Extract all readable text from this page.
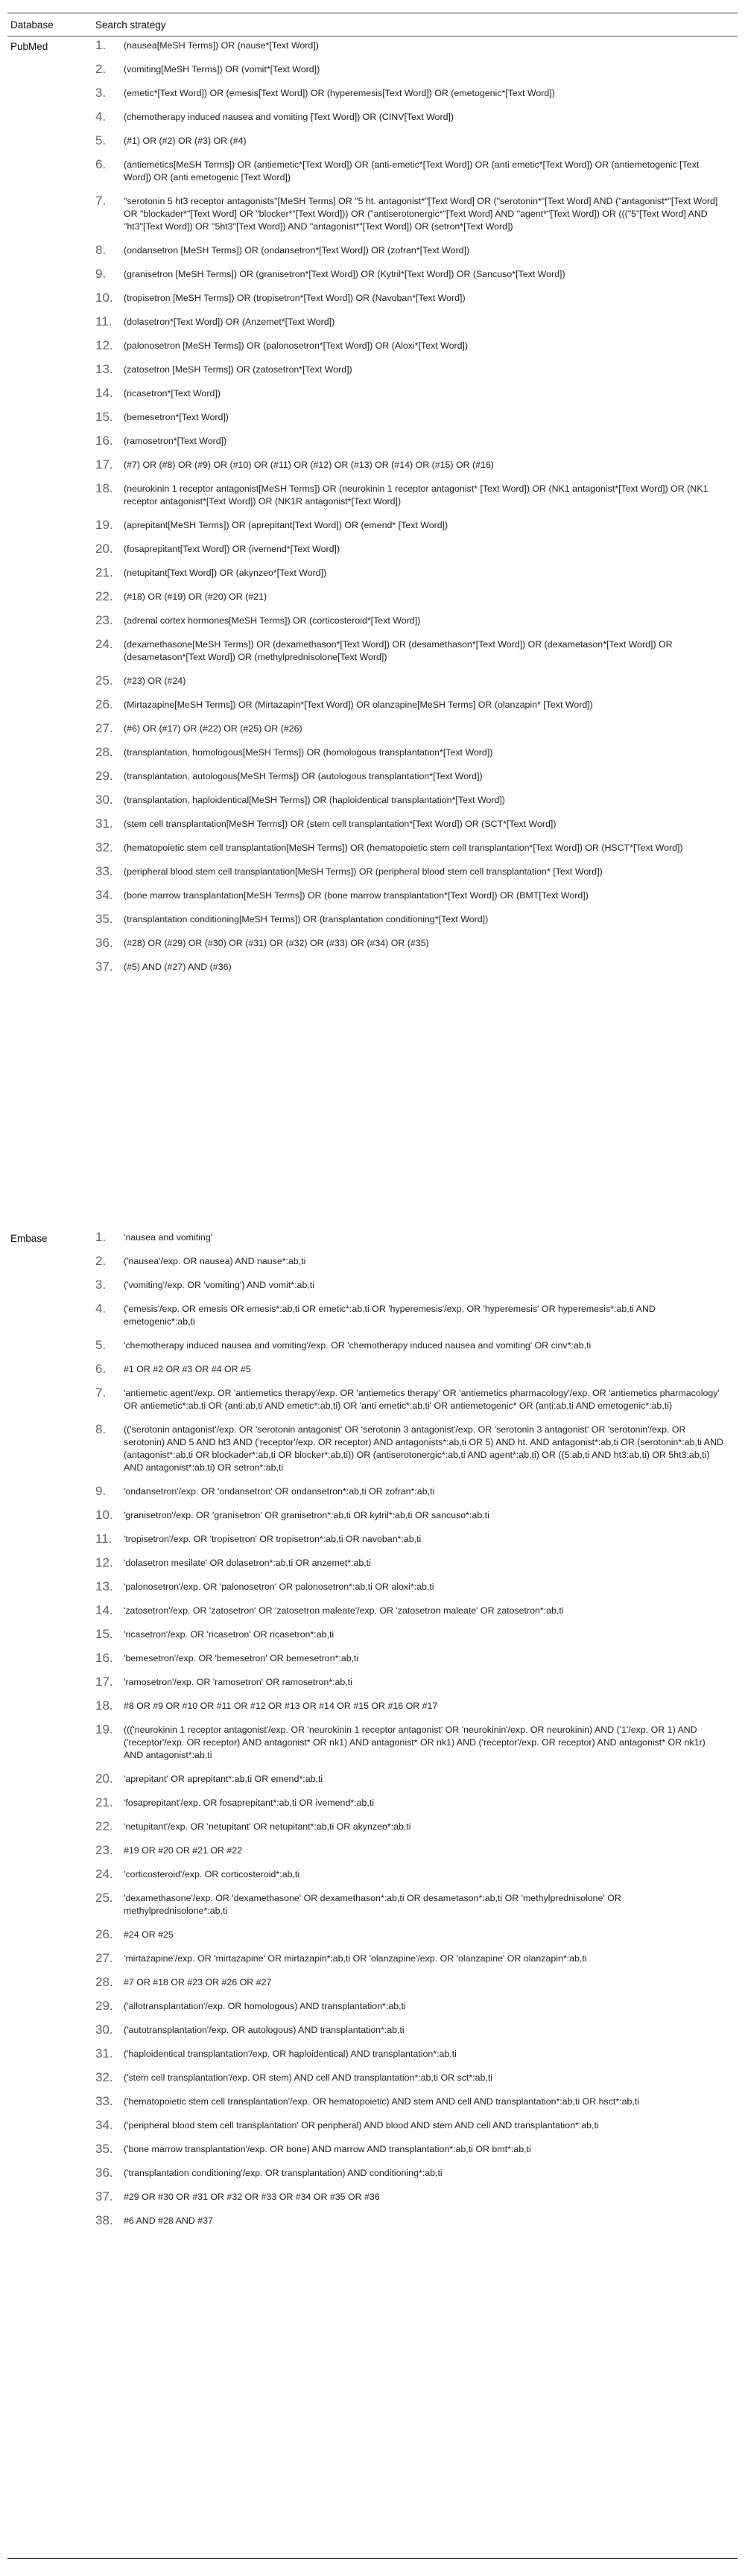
Database	Search strategy
PubMed	1.	(nausea[MeSH Terms]) OR (nause*[Text Word])
2.	(vomiting[MeSH Terms]) OR (vomit*[Text Word])
3.	(emetic*[Text Word]) OR (emesis[Text Word]) OR (hyperemesis[Text Word]) OR (emetogenic*[Text Word])
4.	(chemotherapy induced nausea and vomiting [Text Word]) OR (CINV[Text Word])
5.	(#1) OR (#2) OR (#3) OR (#4)
6.	(antiemetics[MeSH Terms]) OR (antiemetic*[Text Word]) OR (anti-emetic*[Text Word]) OR (anti emetic*[Text Word]) OR (antiemetogenic [Text Word]) OR (anti emetogenic [Text Word])
7.	"serotonin 5 ht3 receptor antagonists"[MeSH Terms] OR "5 ht. antagonist*"[Text Word] OR ("serotonin*"[Text Word] AND ("antagonist*"[Text Word] OR "blockader*"[Text Word] OR "blocker*"[Text Word])) OR ("antiserotonergic*"[Text Word] AND "agent*"[Text Word]) OR ((("5"[Text Word] AND "ht3"[Text Word]) OR "5ht3"[Text Word]) AND "antagonist*"[Text Word]) OR (setron*[Text Word])
8.	(ondansetron [MeSH Terms]) OR (ondansetron*[Text Word]) OR (zofran*[Text Word])
9.	(granisetron [MeSH Terms]) OR (granisetron*[Text Word]) OR (Kytril*[Text Word]) OR (Sancuso*[Text Word])
10.	(tropisetron [MeSH Terms]) OR (tropisetron*[Text Word]) OR (Navoban*[Text Word])
11.	(dolasetron*[Text Word]) OR (Anzemet*[Text Word])
12.	(palonosetron [MeSH Terms]) OR (palonosetron*[Text Word]) OR (Aloxi*[Text Word])
13.	(zatosetron [MeSH Terms]) OR (zatosetron*[Text Word])
14.	(ricasetron*[Text Word])
15.	(bemesetron*[Text Word])
16.	(ramosetron*[Text Word])
17.	(#7) OR (#8) OR (#9) OR (#10) OR (#11) OR (#12) OR (#13) OR (#14) OR (#15) OR (#16)
18.	(neurokinin 1 receptor antagonist[MeSH Terms]) OR (neurokinin 1 receptor antagonist* [Text Word]) OR (NK1 antagonist*[Text Word]) OR (NK1 receptor antagonist*[Text Word]) OR (NK1R antagonist*[Text Word])
19.	(aprepitant[MeSH Terms]) OR (aprepitant[Text Word]) OR (emend* [Text Word])
20.	(fosaprepitant[Text Word]) OR (ivemend*[Text Word])
21.	(netupitant[Text Word]) OR (akynzeo*[Text Word])
22.	(#18) OR (#19) OR (#20) OR (#21)
23.	(adrenal cortex hormones[MeSH Terms]) OR (corticosteroid*[Text Word])
24.	(dexamethasone[MeSH Terms]) OR (dexamethason*[Text Word]) OR (desamethason*[Text Word]) OR (dexametason*[Text Word]) OR (desametason*[Text Word]) OR (methylprednisolone[Text Word])
25.	(#23) OR (#24)
26.	(Mirtazapine[MeSH Terms]) OR (Mirtazapin*[Text Word]) OR olanzapine[MeSH Terms] OR (olanzapin* [Text Word])
27.	(#6) OR (#17) OR (#22) OR (#25) OR (#26)
28.	(transplantation, homologous[MeSH Terms]) OR (homologous transplantation*[Text Word])
29.	(transplantation, autologous[MeSH Terms]) OR (autologous transplantation*[Text Word])
30.	(transplantation, haploidentical[MeSH Terms]) OR (haploidentical transplantation*[Text Word])
31.	(stem cell transplantation[MeSH Terms]) OR (stem cell transplantation*[Text Word]) OR (SCT*[Text Word])
32.	(hematopoietic stem cell transplantation[MeSH Terms]) OR (hematopoietic stem cell transplantation*[Text Word]) OR (HSCT*[Text Word])
33.	(peripheral blood stem cell transplantation[MeSH Terms]) OR (peripheral blood stem cell transplantation* [Text Word])
34.	(bone marrow transplantation[MeSH Terms]) OR (bone marrow transplantation*[Text Word]) OR (BMT[Text Word])
35.	(transplantation conditioning[MeSH Terms]) OR (transplantation conditioning*[Text Word])
36.	(#28) OR (#29) OR (#30) OR (#31) OR (#32) OR (#33) OR (#34) OR (#35)
37.	(#5) AND (#27) AND (#36)
Embase	1.	'nausea and vomiting'
2.	('nausea'/exp. OR nausea) AND nause*:ab,ti
3.	('vomiting'/exp. OR 'vomiting') AND vomit*:ab,ti
4.	('emesis'/exp. OR emesis OR emesis*:ab,ti OR emetic*:ab,ti OR 'hyperemesis'/exp. OR 'hyperemesis' OR hyperemesis*:ab,ti AND emetogenic*:ab,ti
5.	'chemotherapy induced nausea and vomiting'/exp. OR 'chemotherapy induced nausea and vomiting' OR cinv*:ab,ti
6.	#1 OR #2 OR #3 OR #4 OR #5
7.	'antiemetic agent'/exp. OR 'antiemetics therapy'/exp. OR 'antiemetics therapy' OR 'antiemetics pharmacology'/exp. OR 'antiemetics pharmacology' OR antiemetic*:ab,ti OR (anti:ab,ti AND emetic*:ab,ti) OR 'anti emetic*:ab,ti' OR antiemetogenic* OR (anti:ab,ti AND emetogenic*:ab,ti)
8.	(('serotonin antagonist'/exp. OR 'serotonin antagonist' OR 'serotonin 3 antagonist'/exp. OR 'serotonin 3 antagonist' OR 'serotonin'/exp. OR serotonin) AND 5 AND ht3 AND ('receptor'/exp. OR receptor) AND antagonists*:ab,ti OR 5) AND ht. AND antagonist*:ab,ti OR (serotonin*:ab,ti AND (antagonist*:ab,ti OR blockader*:ab,ti OR blocker*:ab,ti)) OR (antiserotonergic*:ab,ti AND agent*:ab,ti) OR ((5:ab,ti AND ht3:ab,ti) OR 5ht3:ab,ti) AND antagonist*:ab,ti) OR setron*:ab,ti
9.	'ondansetron'/exp. OR 'ondansetron' OR ondansetron*:ab,ti OR zofran*:ab,ti
10.	'granisetron'/exp. OR 'granisetron' OR granisetron*:ab,ti OR kytril*:ab,ti OR sancuso*:ab,ti
11.	'tropisetron'/exp. OR 'tropisetron' OR tropisetron*:ab,ti OR navoban*:ab,ti
12.	'dolasetron mesilate' OR dolasetron*:ab,ti OR anzemet*:ab,ti
13.	'palonosetron'/exp. OR 'palonosetron' OR palonosetron*:ab,ti OR aloxi*:ab,ti
14.	'zatosetron'/exp. OR 'zatosetron' OR 'zatosetron maleate'/exp. OR 'zatosetron maleate' OR zatosetron*:ab,ti
15.	'ricasetron'/exp. OR 'ricasetron' OR ricasetron*:ab,ti
16.	'bemesetron'/exp. OR 'bemesetron' OR bemesetron*:ab,ti
17.	'ramosetron'/exp. OR 'ramosetron' OR ramosetron*:ab,ti
18.	#8 OR #9 OR #10 OR #11 OR #12 OR #13 OR #14 OR #15 OR #16 OR #17
19.	((('neurokinin 1 receptor antagonist'/exp. OR 'neurokinin 1 receptor antagonist' OR 'neurokinin'/exp. OR neurokinin) AND ('1'/exp. OR 1) AND ('receptor'/exp. OR receptor) AND antagonist* OR nk1) AND antagonist* OR nk1) AND ('receptor'/exp. OR receptor) AND antagonist* OR nk1r) AND antagonist*:ab,ti
20.	'aprepitant' OR aprepitant*:ab,ti OR emend*:ab,ti
21.	'fosaprepitant'/exp. OR fosaprepitant*:ab,ti OR ivemend*:ab,ti
22.	'netupitant'/exp. OR 'netupitant' OR netupitant*:ab,ti OR akynzeo*:ab,ti
23.	#19 OR #20 OR #21 OR #22
24.	'corticosteroid'/exp. OR corticosteroid*:ab,ti
25.	'dexamethasone'/exp. OR 'dexamethasone' OR dexamethason*:ab,ti OR desametason*:ab,ti OR 'methylprednisolone' OR methylprednisolone*:ab,ti
26.	#24 OR #25
27.	'mirtazapine'/exp. OR 'mirtazapine' OR mirtazapin*:ab,ti OR 'olanzapine'/exp. OR 'olanzapine' OR olanzapin*:ab,ti
28.	#7 OR #18 OR #23 OR #26 OR #27
29.	('allotransplantation'/exp. OR homologous) AND transplantation*:ab,ti
30.	('autotransplantation'/exp. OR autologous) AND transplantation*:ab,ti
31.	('haploidentical transplantation'/exp. OR haploidentical) AND transplantation*:ab,ti
32.	('stem cell transplantation'/exp. OR stem) AND cell AND transplantation*:ab,ti OR sct*:ab,ti
33.	('hematopoietic stem cell transplantation'/exp. OR hematopoietic) AND stem AND cell AND transplantation*:ab,ti OR hsct*:ab,ti
34.	('peripheral blood stem cell transplantation' OR peripheral) AND blood AND stem AND cell AND transplantation*:ab,ti
35.	('bone marrow transplantation'/exp. OR bone) AND marrow AND transplantation*:ab,ti OR bmt*:ab,ti
36.	('transplantation conditioning'/exp. OR transplantation) AND conditioning*:ab,ti
37.	#29 OR #30 OR #31 OR #32 OR #33 OR #34 OR #35 OR #36
38.	#6 AND #28 AND #37
